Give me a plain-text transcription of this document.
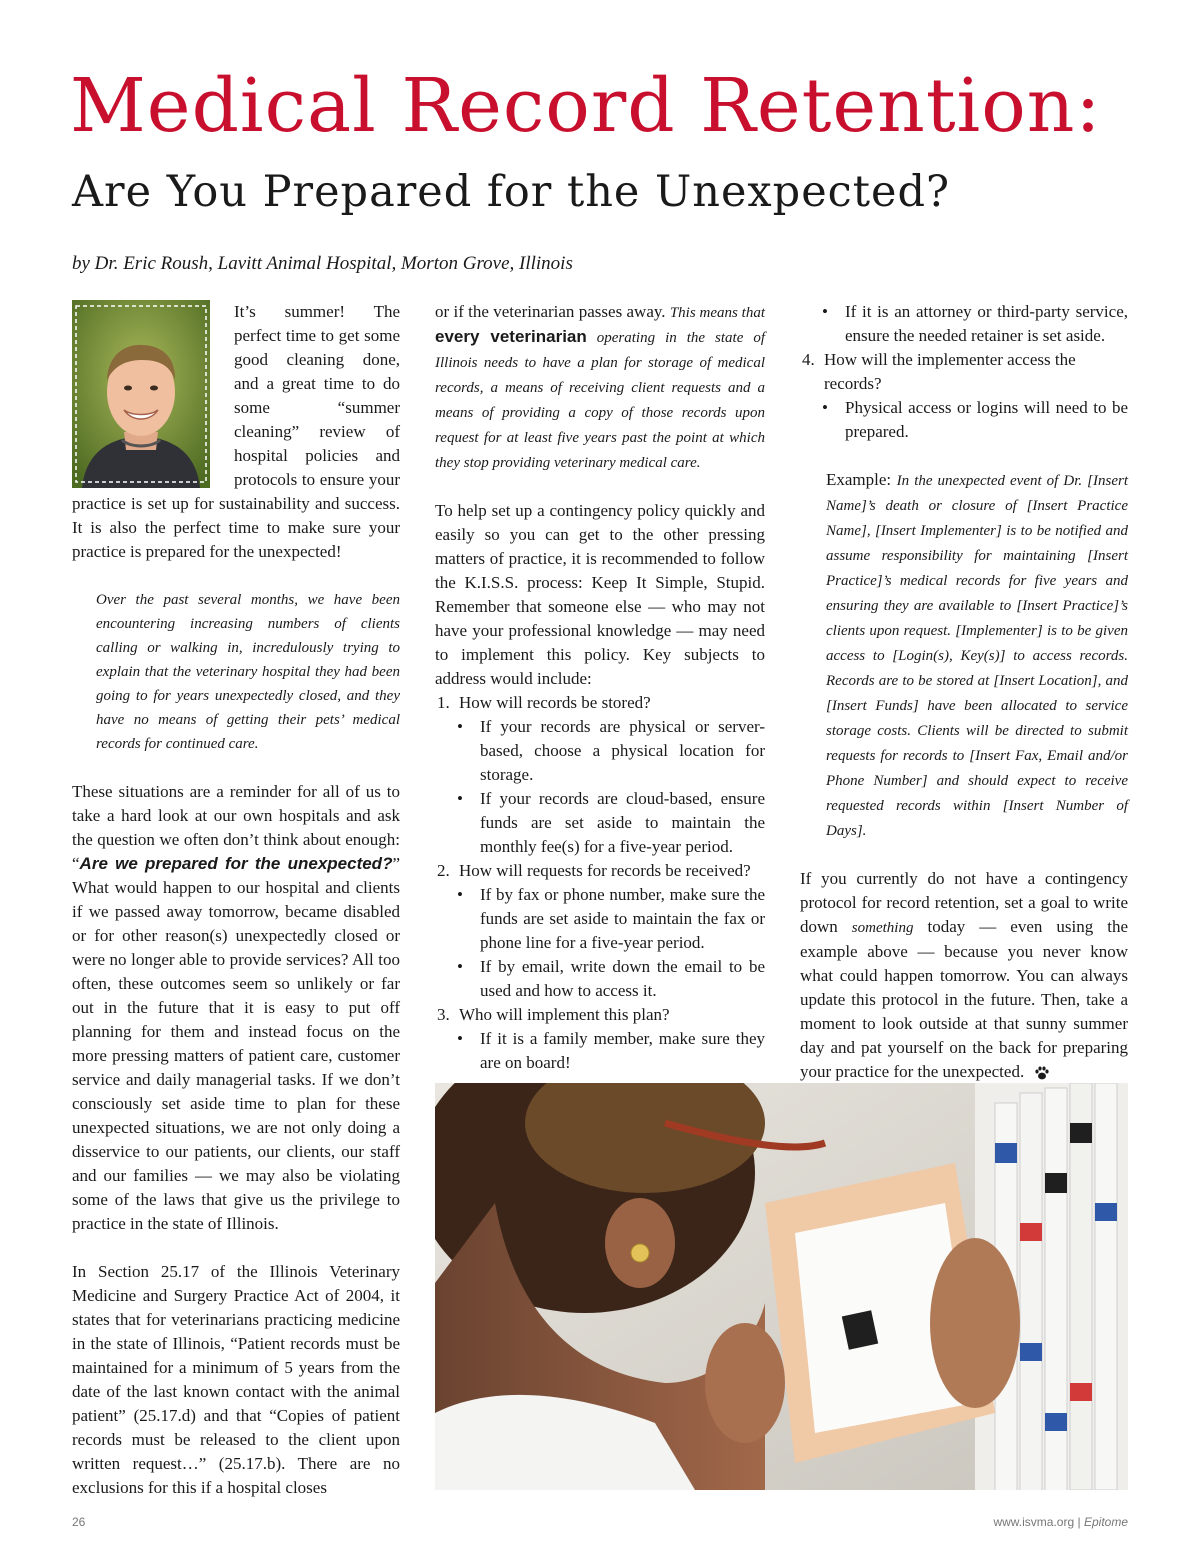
Medical Record Retention:
Are You Prepared for the Unexpected?
by Dr. Eric Roush, Lavitt Animal Hospital, Morton Grove, Illinois

It’s summer! The perfect time to get some good cleaning done, and a great time to do some “summer cleaning” review of hospital policies and protocols to ensure your practice is set up for sustainability and success. It is also the perfect time to make sure your practice is prepared for the unexpected!

Over the past several months, we have been encountering increasing numbers of clients calling or walking in, incredulously trying to explain that the veterinary hospital they had been going to for years unexpectedly closed, and they have no means of getting their pets’ medical records for continued care.

These situations are a reminder for all of us to take a hard look at our own hospitals and ask the question we often don’t think about enough: “Are we prepared for the unexpected?” What would happen to our hospital and clients if we passed away tomorrow, became disabled or for other reason(s) unexpectedly closed or were no longer able to provide services? All too often, these outcomes seem so unlikely or far out in the future that it is easy to put off planning for them and instead focus on the more pressing matters of patient care, customer service and daily managerial tasks. If we don’t consciously set aside time to plan for these unexpected situations, we are not only doing a disservice to our patients, our clients, our staff and our families — we may also be violating some of the laws that give us the privilege to practice in the state of Illinois.

In Section 25.17 of the Illinois Veterinary Medicine and Surgery Practice Act of 2004, it states that for veterinarians practicing medicine in the state of Illinois, “Patient records must be maintained for a minimum of 5 years from the date of the last known contact with the animal patient” (25.17.d) and that “Copies of patient records must be released to the client upon written request…” (25.17.b). There are no exclusions for this if a hospital closes

or if the veterinarian passes away. This means that every veterinarian operating in the state of Illinois needs to have a plan for storage of medical records, a means of receiving client requests and a means of providing a copy of those records upon request for at least five years past the point at which they stop providing veterinary medical care.

To help set up a contingency policy quickly and easily so you can get to the other pressing matters of practice, it is recommended to follow the K.I.S.S. process: Keep It Simple, Stupid. Remember that someone else — who may not have your professional knowledge — may need to implement this policy. Key subjects to address would include:

1. How will records be stored?
• If your records are physical or server-based, choose a physical location for storage.
• If your records are cloud-based, ensure funds are set aside to maintain the monthly fee(s) for a five-year period.
2. How will requests for records be received?
• If by fax or phone number, make sure the funds are set aside to maintain the fax or phone line for a five-year period.
• If by email, write down the email to be used and how to access it.
3. Who will implement this plan?
• If it is a family member, make sure they are on board!
• If it is an attorney or third-party service, ensure the needed retainer is set aside.
4. How will the implementer access the records?
• Physical access or logins will need to be prepared.

Example: In the unexpected event of Dr. [Insert Name]’s death or closure of [Insert Practice Name], [Insert Implementer] is to be notified and assume responsibility for maintaining [Insert Practice]’s medical records for five years and ensuring they are available to [Insert Practice]’s clients upon request. [Implementer] is to be given access to [Login(s), Key(s)] to access records. Records are to be stored at [Insert Location], and [Insert Funds] have been allocated to service storage costs. Clients will be directed to submit requests for records to [Insert Fax, Email and/or Phone Number] and should expect to receive requested records within [Insert Number of Days].

If you currently do not have a contingency protocol for record retention, set a goal to write down something today — even using the example above — because you never know what could happen tomorrow. You can always update this protocol in the future. Then, take a moment to look outside at that sunny summer day and pat yourself on the back for preparing your practice for the unexpected.

26	www.isvma.org | Epitome
